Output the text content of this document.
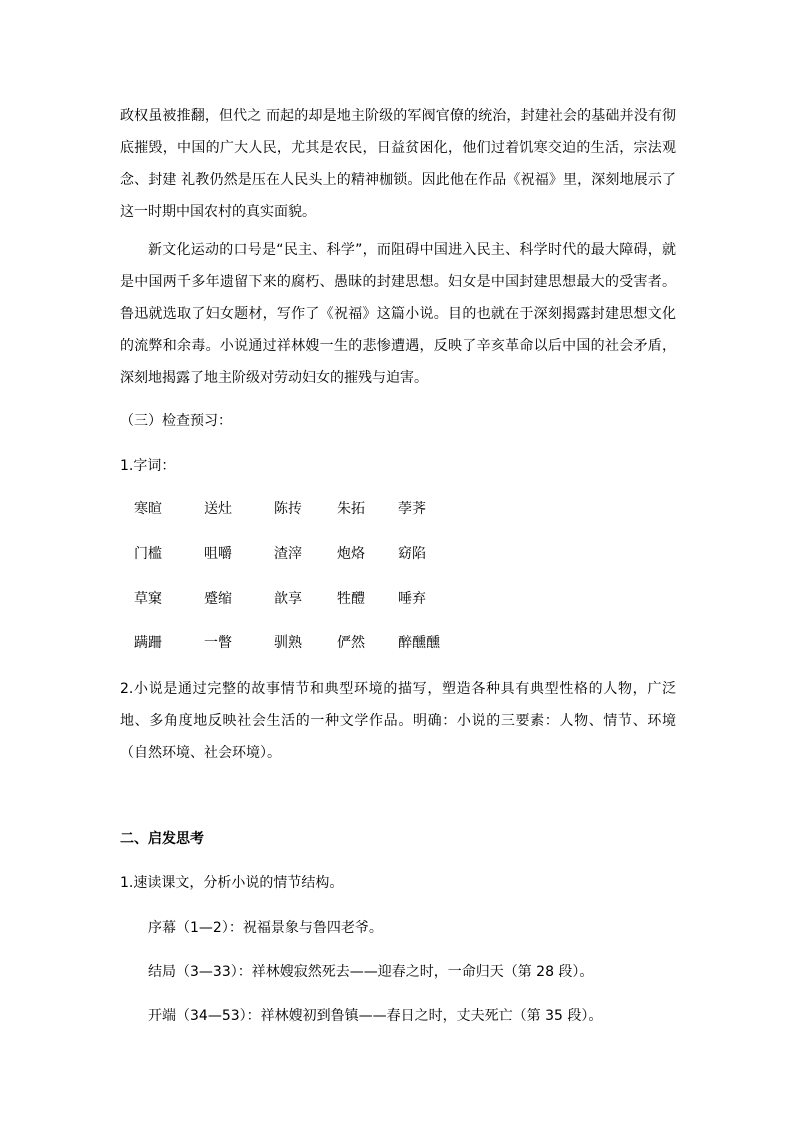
政权虽被推翻，但代之 而起的却是地主阶级的军阀官僚的统治，封建社会的基础并没有彻底摧毁，中国的广大人民，尤其是农民，日益贫困化，他们过着饥寒交迫的生活，宗法观念、封建 礼教仍然是压在人民头上的精神枷锁。因此他在作品《祝福》里，深刻地展示了这一时期中国农村的真实面貌。

新文化运动的口号是“民主、科学”，而阻碍中国进入民主、科学时代的最大障碍，就是中国两千多年遗留下来的腐朽、愚昧的封建思想。妇女是中国封建思想最大的受害者。鲁迅就选取了妇女题材，写作了《祝福》这篇小说。目的也就在于深刻揭露封建思想文化的流弊和余毒。小说通过祥林嫂一生的悲惨遭遇，反映了辛亥革命以后中国的社会矛盾，深刻地揭露了地主阶级对劳动妇女的摧残与迫害。

（三）检查预习：

1.字词：

寒暄	送灶	陈抟	朱拓 荸荠
门槛	咀嚼	渣滓	炮烙 窈陷
草窠	蹙缩	歆享	牲醴 唾弃
蹒跚	一瞥	驯熟	俨然 醉醺醺

2.小说是通过完整的故事情节和典型环境的描写，塑造各种具有典型性格的人物，广泛地、多角度地反映社会生活的一种文学作品。明确：小说的三要素：人物、情节、环境（自然环境、社会环境）。

二、启发思考

1.速读课文，分析小说的情节结构。

序幕（1—2）：祝福景象与鲁四老爷。

结局（3—33）：祥林嫂寂然死去——迎春之时，一命归天（第 28 段）。

开端（34—53）：祥林嫂初到鲁镇——春日之时，丈夫死亡（第 35 段）。
